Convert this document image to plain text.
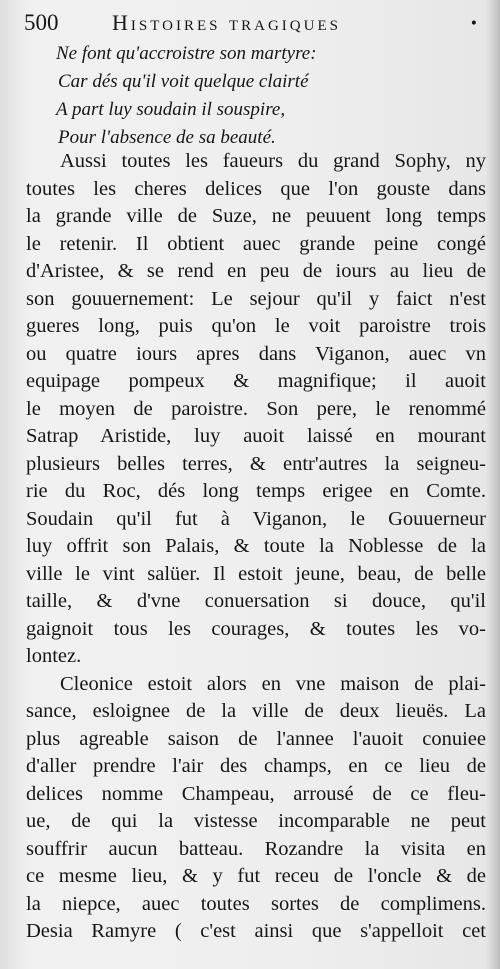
500 Histoires tragiques	•
Ne font qu'accroistre son martyre:
Car dés qu'il voit quelque clairté
A part luy soudain il souspire,
Pour l'absence de sa beauté.
Aussi toutes les faueurs du grand Sophy, ny
toutes les cheres delices que l'on gouste dans
la grande ville de Suze, ne peuuent long temps
le retenir. Il obtient auec grande peine congé
d'Aristee, & se rend en peu de iours au lieu de
son gouuernement: Le sejour qu'il y faict n'est
gueres long, puis qu'on le voit paroistre trois
ou quatre iours apres dans Viganon, auec vn
equipage pompeux & magnifique; il auoit
le moyen de paroistre. Son pere, le renommé
Satrap Aristide, luy auoit laissé en mourant
plusieurs belles terres, & entr'autres la seigneu-
rie du Roc, dés long temps erigee en Comte.
Soudain qu'il fut à Viganon, le Gouuerneur
luy offrit son Palais, & toute la Noblesse de la
ville le vint salüer. Il estoit jeune, beau, de belle
taille, & d'vne conuersation si douce, qu'il
gaignoit tous les courages, & toutes les vo-
lontez.
Cleonice estoit alors en vne maison de plai-
sance, esloignee de la ville de deux lieuës. La
plus agreable saison de l'annee l'auoit conuiee
d'aller prendre l'air des champs, en ce lieu de
delices nomme Champeau, arrousé de ce fleu-
ue, de qui la vistesse incomparable ne peut
souffrir aucun batteau. Rozandre la visita en
ce mesme lieu, & y fut receu de l'oncle & de
la niepce, auec toutes sortes de complimens.
Desia Ramyre ( c'est ainsi que s'appelloit cet
